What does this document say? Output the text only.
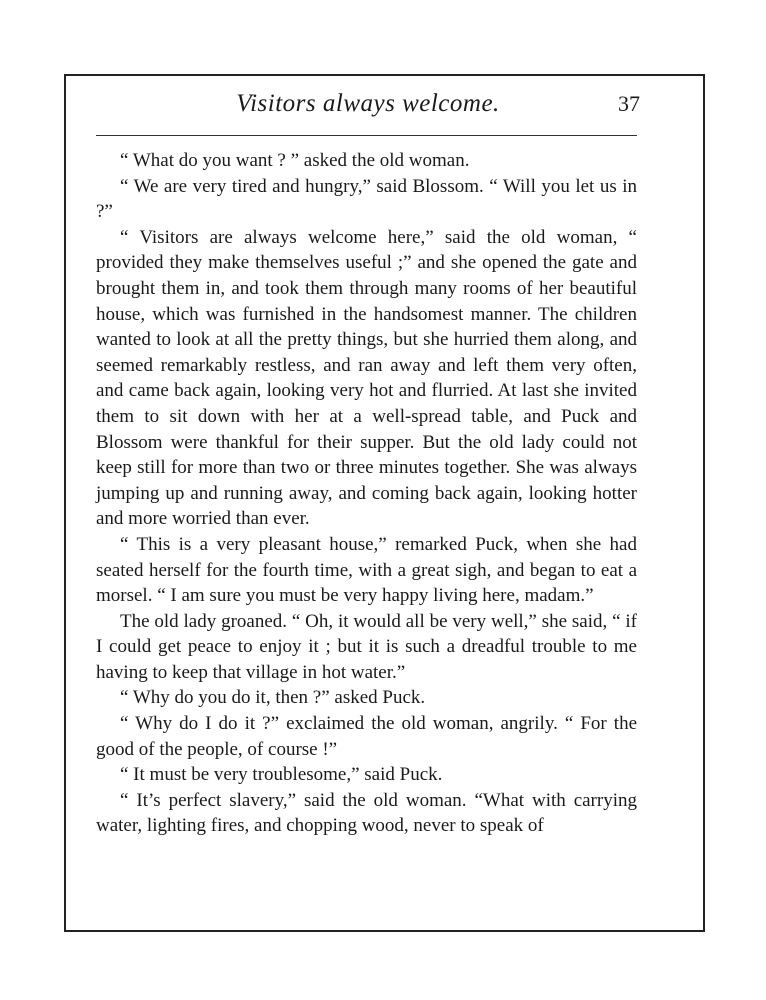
Visitors always welcome.	37

“ What do you want ? ” asked the old woman.

“ We are very tired and hungry,” said Blossom. “ Will you let us in ?”

“ Visitors are always welcome here,” said the old woman, “ provided they make themselves useful ;” and she opened the gate and brought them in, and took them through many rooms of her beautiful house, which was furnished in the handsomest manner. The children wanted to look at all the pretty things, but she hurried them along, and seemed remarkably restless, and ran away and left them very often, and came back again, looking very hot and flurried. At last she invited them to sit down with her at a well-spread table, and Puck and Blossom were thankful for their supper. But the old lady could not keep still for more than two or three minutes together. She was always jumping up and running away, and coming back again, looking hotter and more worried than ever.

“ This is a very pleasant house,” remarked Puck, when she had seated herself for the fourth time, with a great sigh, and began to eat a morsel. “ I am sure you must be very happy living here, madam.”

The old lady groaned. “ Oh, it would all be very well,” she said, “ if I could get peace to enjoy it ; but it is such a dreadful trouble to me having to keep that village in hot water.”

“ Why do you do it, then ?” asked Puck.

“ Why do I do it ?” exclaimed the old woman, angrily. “ For the good of the people, of course !”

“ It must be very troublesome,” said Puck.

“ It’s perfect slavery,” said the old woman. “What with carrying water, lighting fires, and chopping wood, never to speak of
